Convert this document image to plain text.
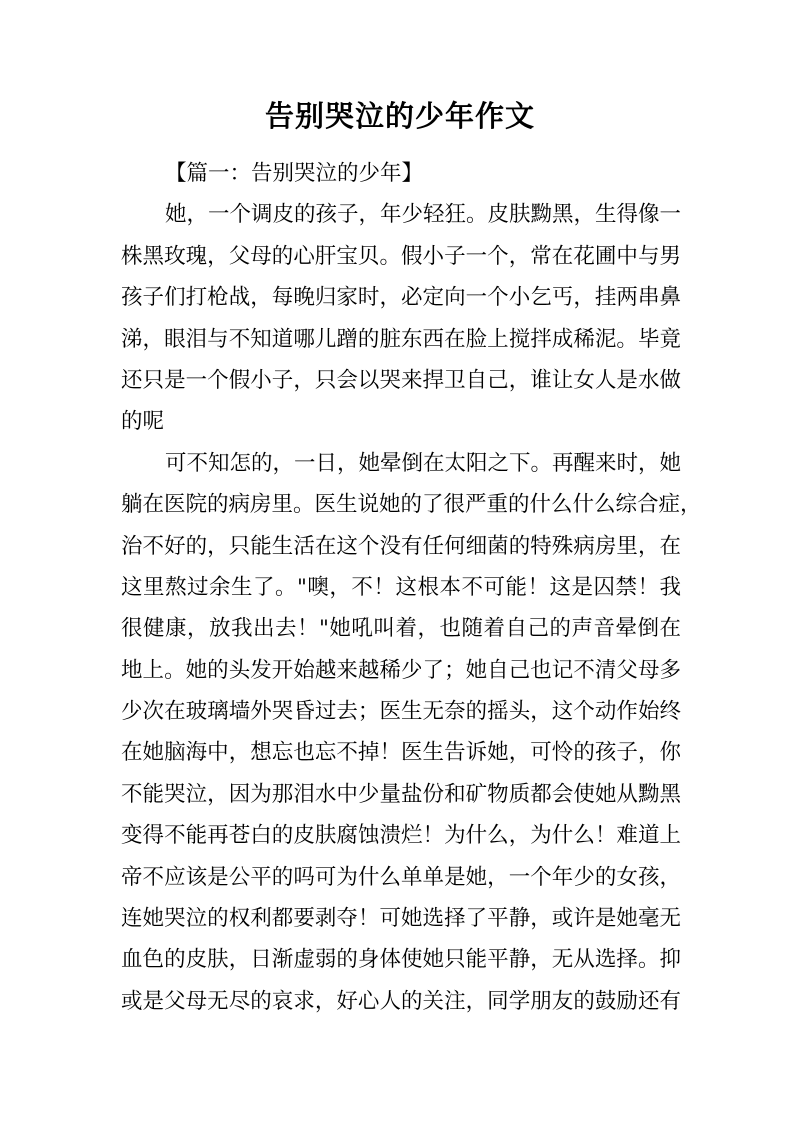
告别哭泣的少年作文
【篇一：告别哭泣的少年】
她，一个调皮的孩子，年少轻狂。皮肤黝黑，生得像一
株黑玫瑰，父母的心肝宝贝。假小子一个，常在花圃中与男
孩子们打枪战，每晚归家时，必定向一个小乞丐，挂两串鼻
涕，眼泪与不知道哪儿蹭的脏东西在脸上搅拌成稀泥。毕竟
还只是一个假小子，只会以哭来捍卫自己，谁让女人是水做
的呢
可不知怎的，一日，她晕倒在太阳之下。再醒来时，她
躺在医院的病房里。医生说她的了很严重的什么什么综合症，
治不好的，只能生活在这个没有任何细菌的特殊病房里，在
这里熬过余生了。"噢，不！这根本不可能！这是囚禁！我
很健康，放我出去！"她吼叫着，也随着自己的声音晕倒在
地上。她的头发开始越来越稀少了；她自己也记不清父母多
少次在玻璃墙外哭昏过去；医生无奈的摇头，这个动作始终
在她脑海中，想忘也忘不掉！医生告诉她，可怜的孩子，你
不能哭泣，因为那泪水中少量盐份和矿物质都会使她从黝黑
变得不能再苍白的皮肤腐蚀溃烂！为什么，为什么！难道上
帝不应该是公平的吗可为什么单单是她，一个年少的女孩，
连她哭泣的权利都要剥夺！可她选择了平静，或许是她毫无
血色的皮肤，日渐虚弱的身体使她只能平静，无从选择。抑
或是父母无尽的哀求，好心人的关注，同学朋友的鼓励还有
